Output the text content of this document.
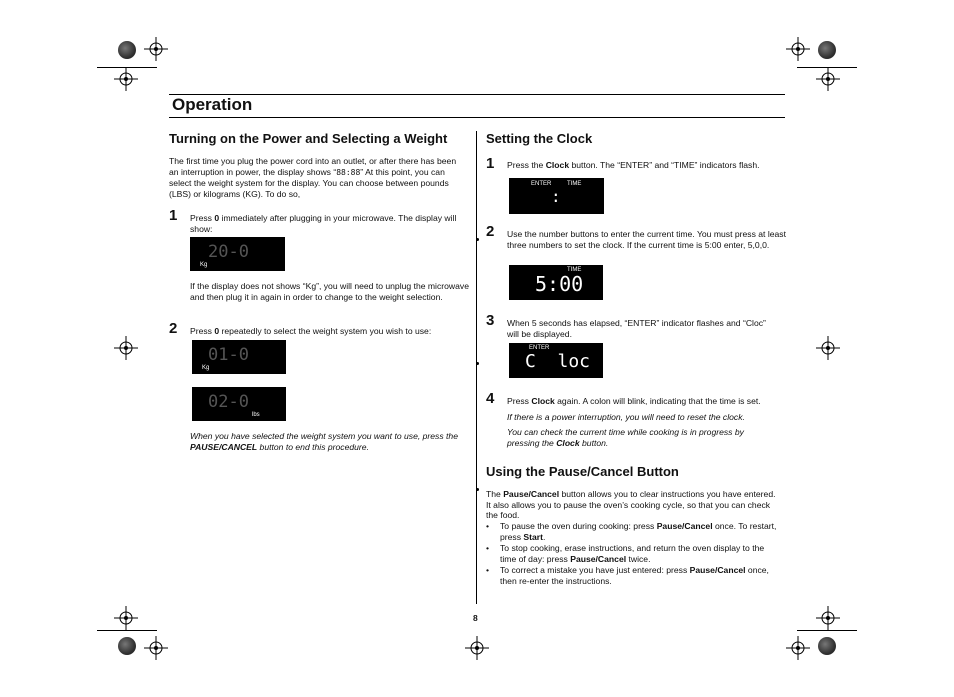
Operation
Turning on the Power and Selecting a Weight
The first time you plug the power cord into an outlet, or after there has been an interruption in power, the display shows “88:88” At this point, you can select the weight system for the display. You can choose between pounds (LBS) or kilograms (KG). To do so,
1 Press 0 immediately after plugging in your microwave. The display will show:
20-0
Kg
If the display does not shows “Kg”, you will need to unplug the microwave and then plug it in again in order to change to the weight selection.
2 Press 0 repeatedly to select the weight system you wish to use:
01-0
Kg
02-0
lbs
When you have selected the weight system you want to use, press the PAUSE/CANCEL button to end this procedure.
Setting the Clock
1 Press the Clock button. The “ENTER” and “TIME” indicators flash.
ENTER	TIME
:
2 Use the number buttons to enter the current time. You must press at least three numbers to set the clock. If the current time is 5:00 enter, 5,0,0.
TIME
5:00
3 When 5 seconds has elapsed, “ENTER” indicator flashes and “Cloc” will be displayed.
ENTER
C  loc
4 Press Clock again. A colon will blink, indicating that the time is set.
If there is a power interruption, you will need to reset the clock.
You can check the current time while cooking is in progress by pressing the Clock button.
Using the Pause/Cancel Button
The Pause/Cancel button allows you to clear instructions you have entered. It also allows you to pause the oven’s cooking cycle, so that you can check the food.
• To pause the oven during cooking: press Pause/Cancel once. To restart, press Start.
• To stop cooking, erase instructions, and return the oven display to the time of day: press Pause/Cancel twice.
• To correct a mistake you have just entered: press Pause/Cancel once, then re-enter the instructions.
8
